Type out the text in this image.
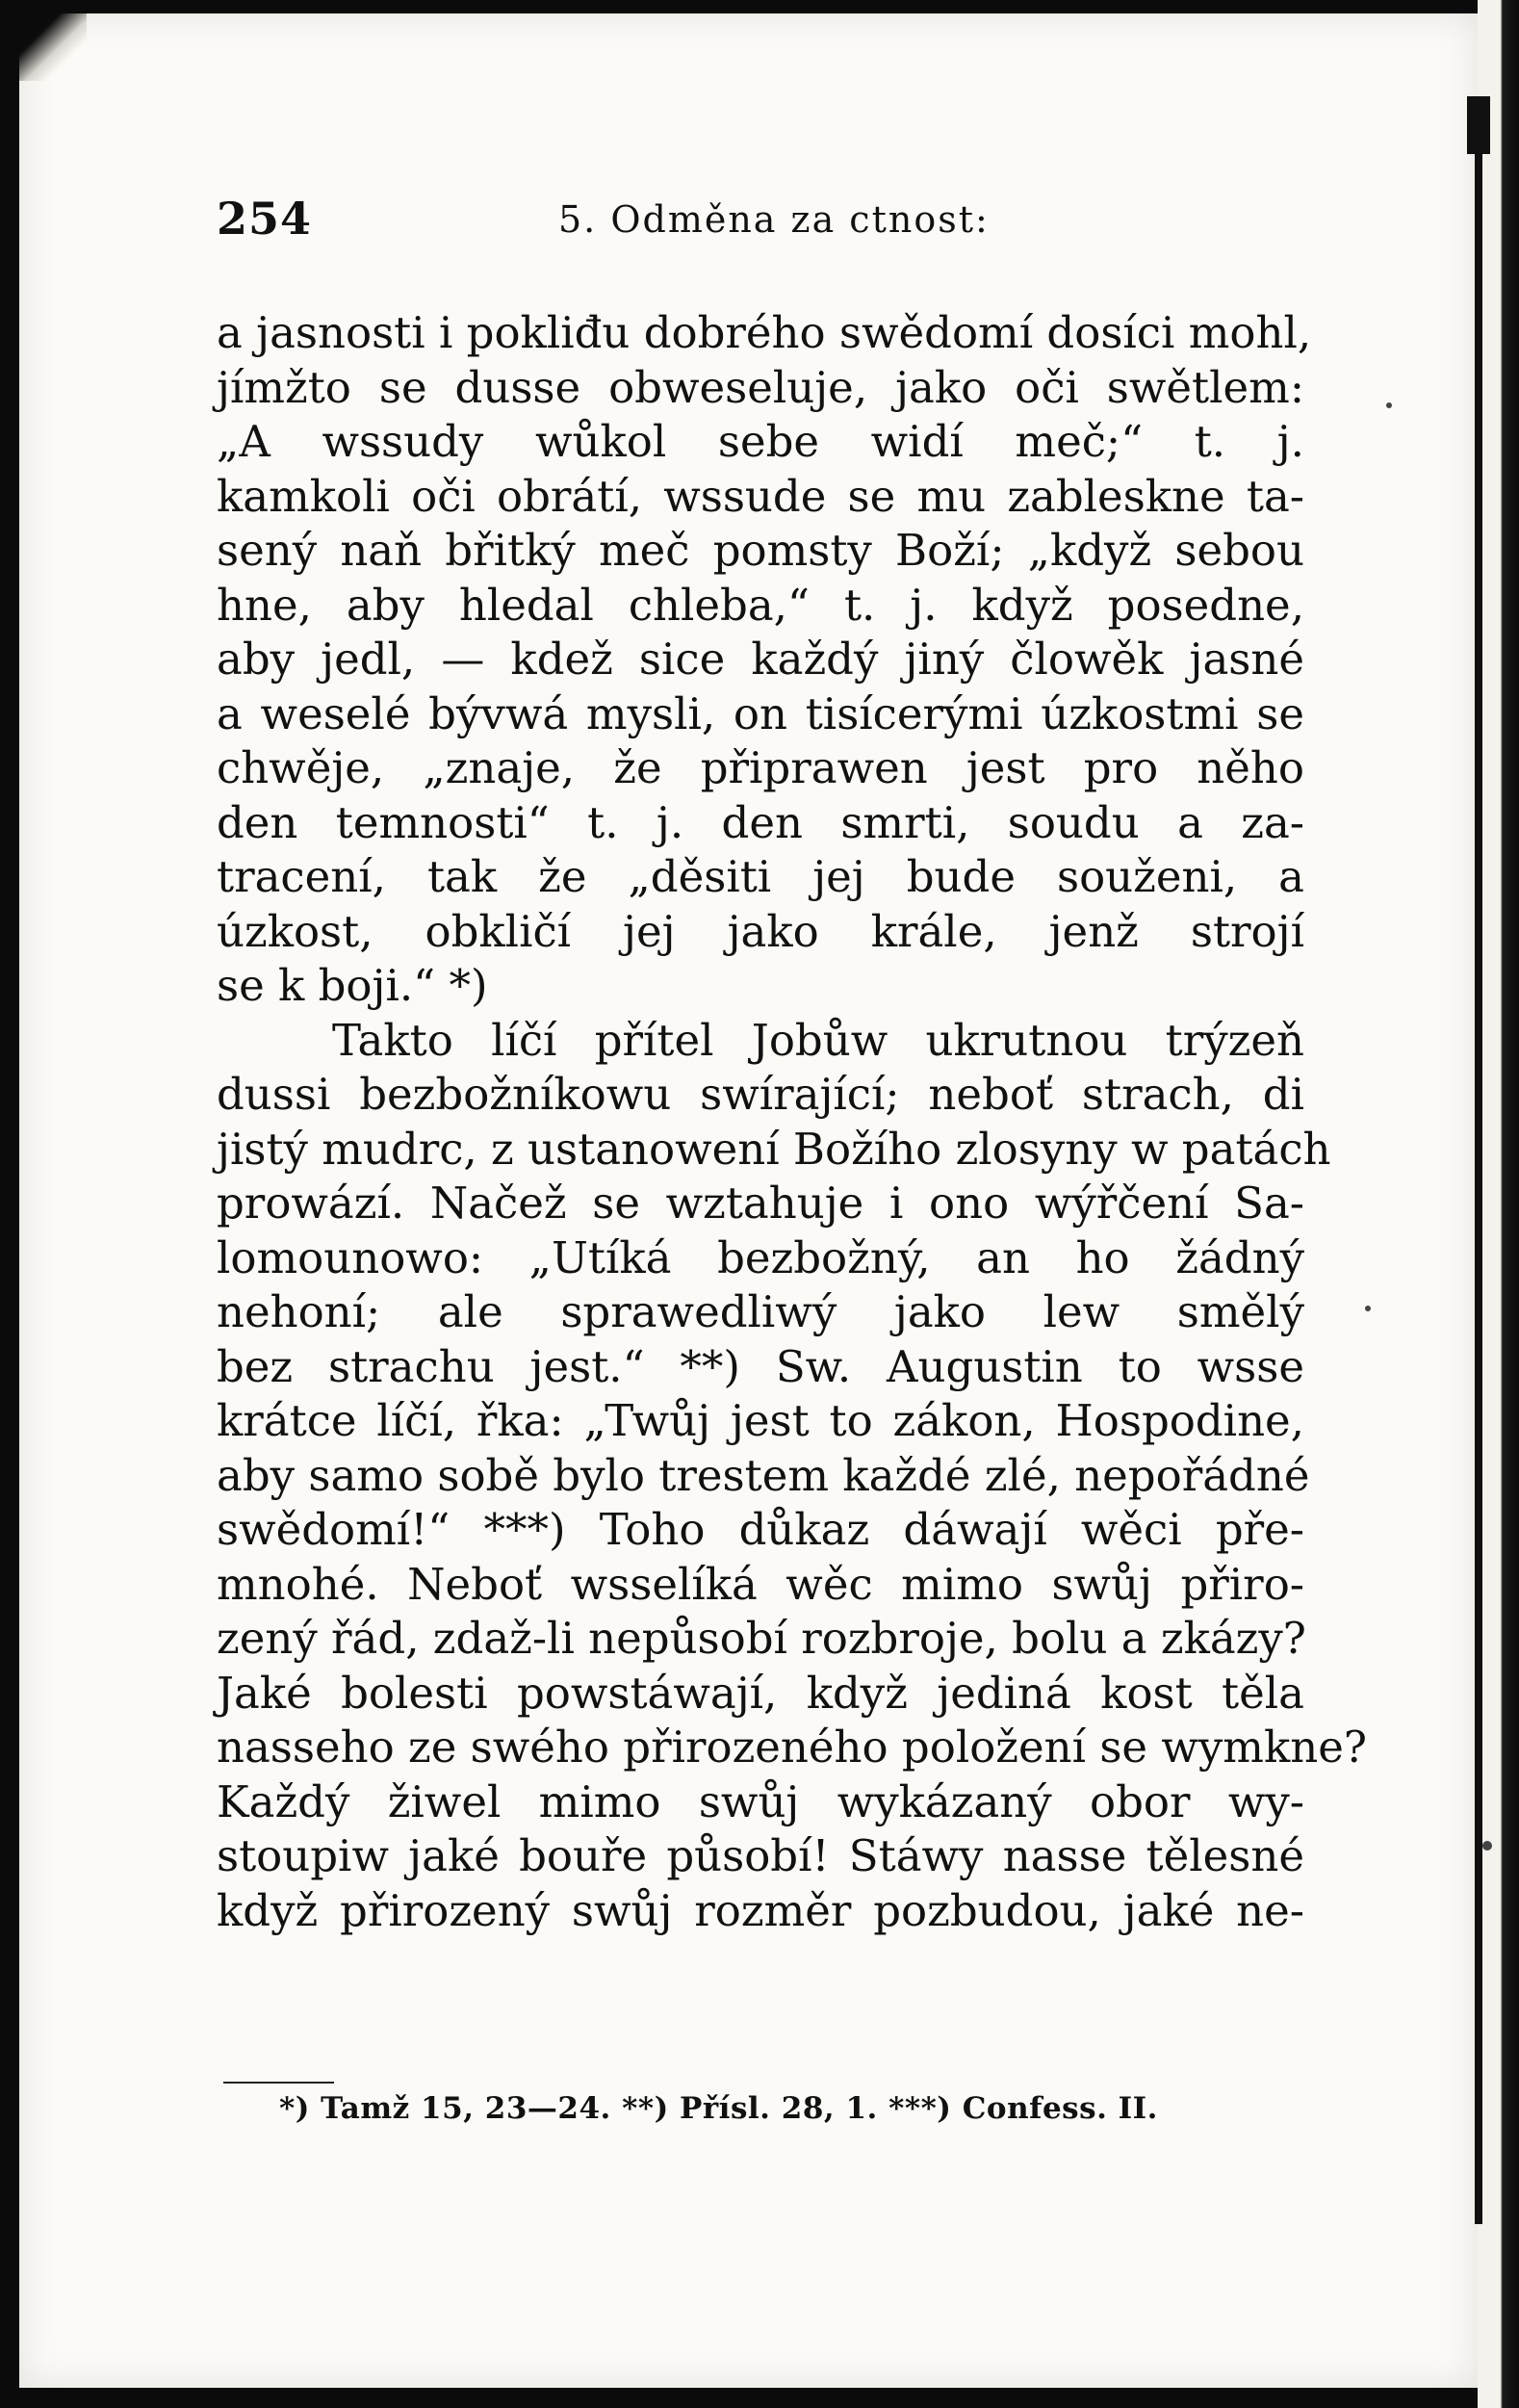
254	5. Odměna za ctnost:
a jasnosti i pokliđu dobrého swědomí dosíci mohl,
jímžto se dusse obweseluje, jako oči swětlem:
„A wssudy wůkol sebe widí meč;“ t. j.
kamkoli oči obrátí, wssude se mu zableskne ta-
sený naň břitký meč pomsty Boží; „když sebou
hne, aby hledal chleba,“ t. j. když posedne,
aby jedl, — kdež sice každý jiný člowěk jasné
a weselé bývwá mysli, on tisícerými úzkostmi se
chwěje, „znaje, že připrawen jest pro něho
den temnosti“ t. j. den smrti, soudu a za-
tracení, tak že „děsiti jej bude souženi, a
úzkost, obkličí jej jako krále, jenž strojí
se k boji.“ *)
Takto líčí přítel Jobůw ukrutnou trýzeň
dussi bezbožníkowu swírající; neboť strach, di
jistý mudrc, z ustanowení Božího zlosyny w patách
prowází. Načež se wztahuje i ono wýřčení Sa-
lomounowo: „Utíká bezbožný, an ho žádný
nehoní; ale sprawedliwý jako lew smělý
bez strachu jest.“ **) Sw. Augustin to wsse
krátce líčí, řka: „Twůj jest to zákon, Hospodine,
aby samo sobě bylo trestem každé zlé, nepořádné
swědomí!“ ***) Toho důkaz dáwají wěci pře-
mnohé. Neboť wsselíká wěc mimo swůj přiro-
zený řád, zdaž-li nepůsobí rozbroje, bolu a zkázy?
Jaké bolesti powstáwají, když jediná kost těla
nasseho ze swého přirozeného položení se wymkne?
Každý žiwel mimo swůj wykázaný obor wy-
stoupiw jaké bouře působí! Stáwy nasse tělesné
když přirozený swůj rozměr pozbudou, jaké ne-
*) Tamž 15, 23—24. **) Přísl. 28, 1. ***) Confess. II.
